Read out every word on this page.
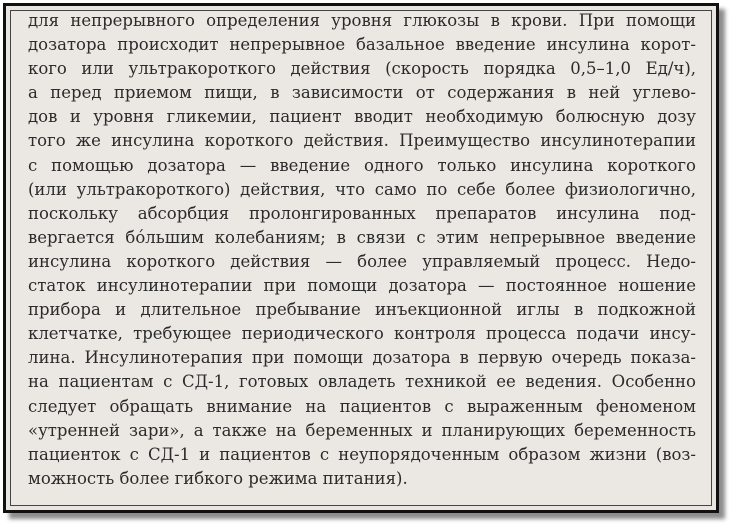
для непрерывного определения уровня глюкозы в крови. При помощи
дозатора происходит непрерывное базальное введение инсулина корот-
кого или ультракороткого действия (скорость порядка 0,5–1,0 Ед/ч),
а перед приемом пищи, в зависимости от содержания в ней углево-
дов и уровня гликемии, пациент вводит необходимую болюсную дозу
того же инсулина короткого действия. Преимущество инсулинотерапии
с помощью дозатора — введение одного только инсулина короткого
(или ультракороткого) действия, что само по себе более физиологично,
поскольку абсорбция пролонгированных препаратов инсулина под-
вергается бóльшим колебаниям; в связи с этим непрерывное введение
инсулина короткого действия — более управляемый процесс. Недо-
статок инсулинотерапии при помощи дозатора — постоянное ношение
прибора и длительное пребывание инъекционной иглы в подкожной
клетчатке, требующее периодического контроля процесса подачи инсу-
лина. Инсулинотерапия при помощи дозатора в первую очередь показа-
на пациентам с СД-1, готовых овладеть техникой ее ведения. Особенно
следует обращать внимание на пациентов с выраженным феноменом
«утренней зари», а также на беременных и планирующих беременность
пациенток с СД-1 и пациентов с неупорядоченным образом жизни (воз-
можность более гибкого режима питания).
